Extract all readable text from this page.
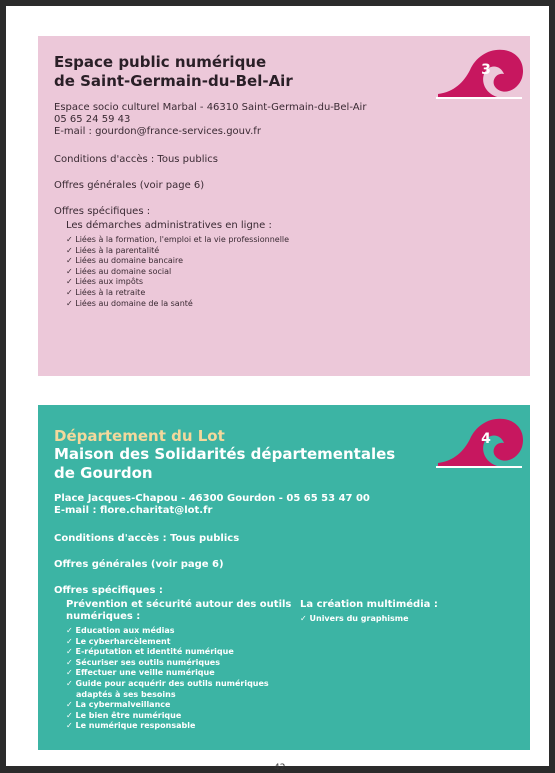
3
Espace public numérique
de Saint-Germain-du-Bel-Air
Espace socio culturel Marbal - 46310 Saint-Germain-du-Bel-Air
05 65 24 59 43
E-mail : gourdon@france-services.gouv.fr
Conditions d'accès : Tous publics
Offres générales (voir page 6)
Offres spécifiques :
Les démarches administratives en ligne :
✓ Liées à la formation, l'emploi et la vie professionnelle
✓ Liées à la parentalité
✓ Liées au domaine bancaire
✓ Liées au domaine social
✓ Liées aux impôts
✓ Liées à la retraite
✓ Liées au domaine de la santé
4
Département du Lot
Maison des Solidarités départementales
de Gourdon
Place Jacques-Chapou - 46300 Gourdon - 05 65 53 47 00
E-mail : flore.charitat@lot.fr
Conditions d'accès : Tous publics
Offres générales (voir page 6)
Offres spécifiques :
Prévention et sécurité autour des outils
numériques :
✓ Education aux médias
✓ Le cyberharcèlement
✓ E-réputation et identité numérique
✓ Sécuriser ses outils numériques
✓ Effectuer une veille numérique
✓ Guide pour acquérir des outils numériques
adaptés à ses besoins
✓ La cybermalveillance
✓ Le bien être numérique
✓ Le numérique responsable
La création multimédia :
✓ Univers du graphisme
42
